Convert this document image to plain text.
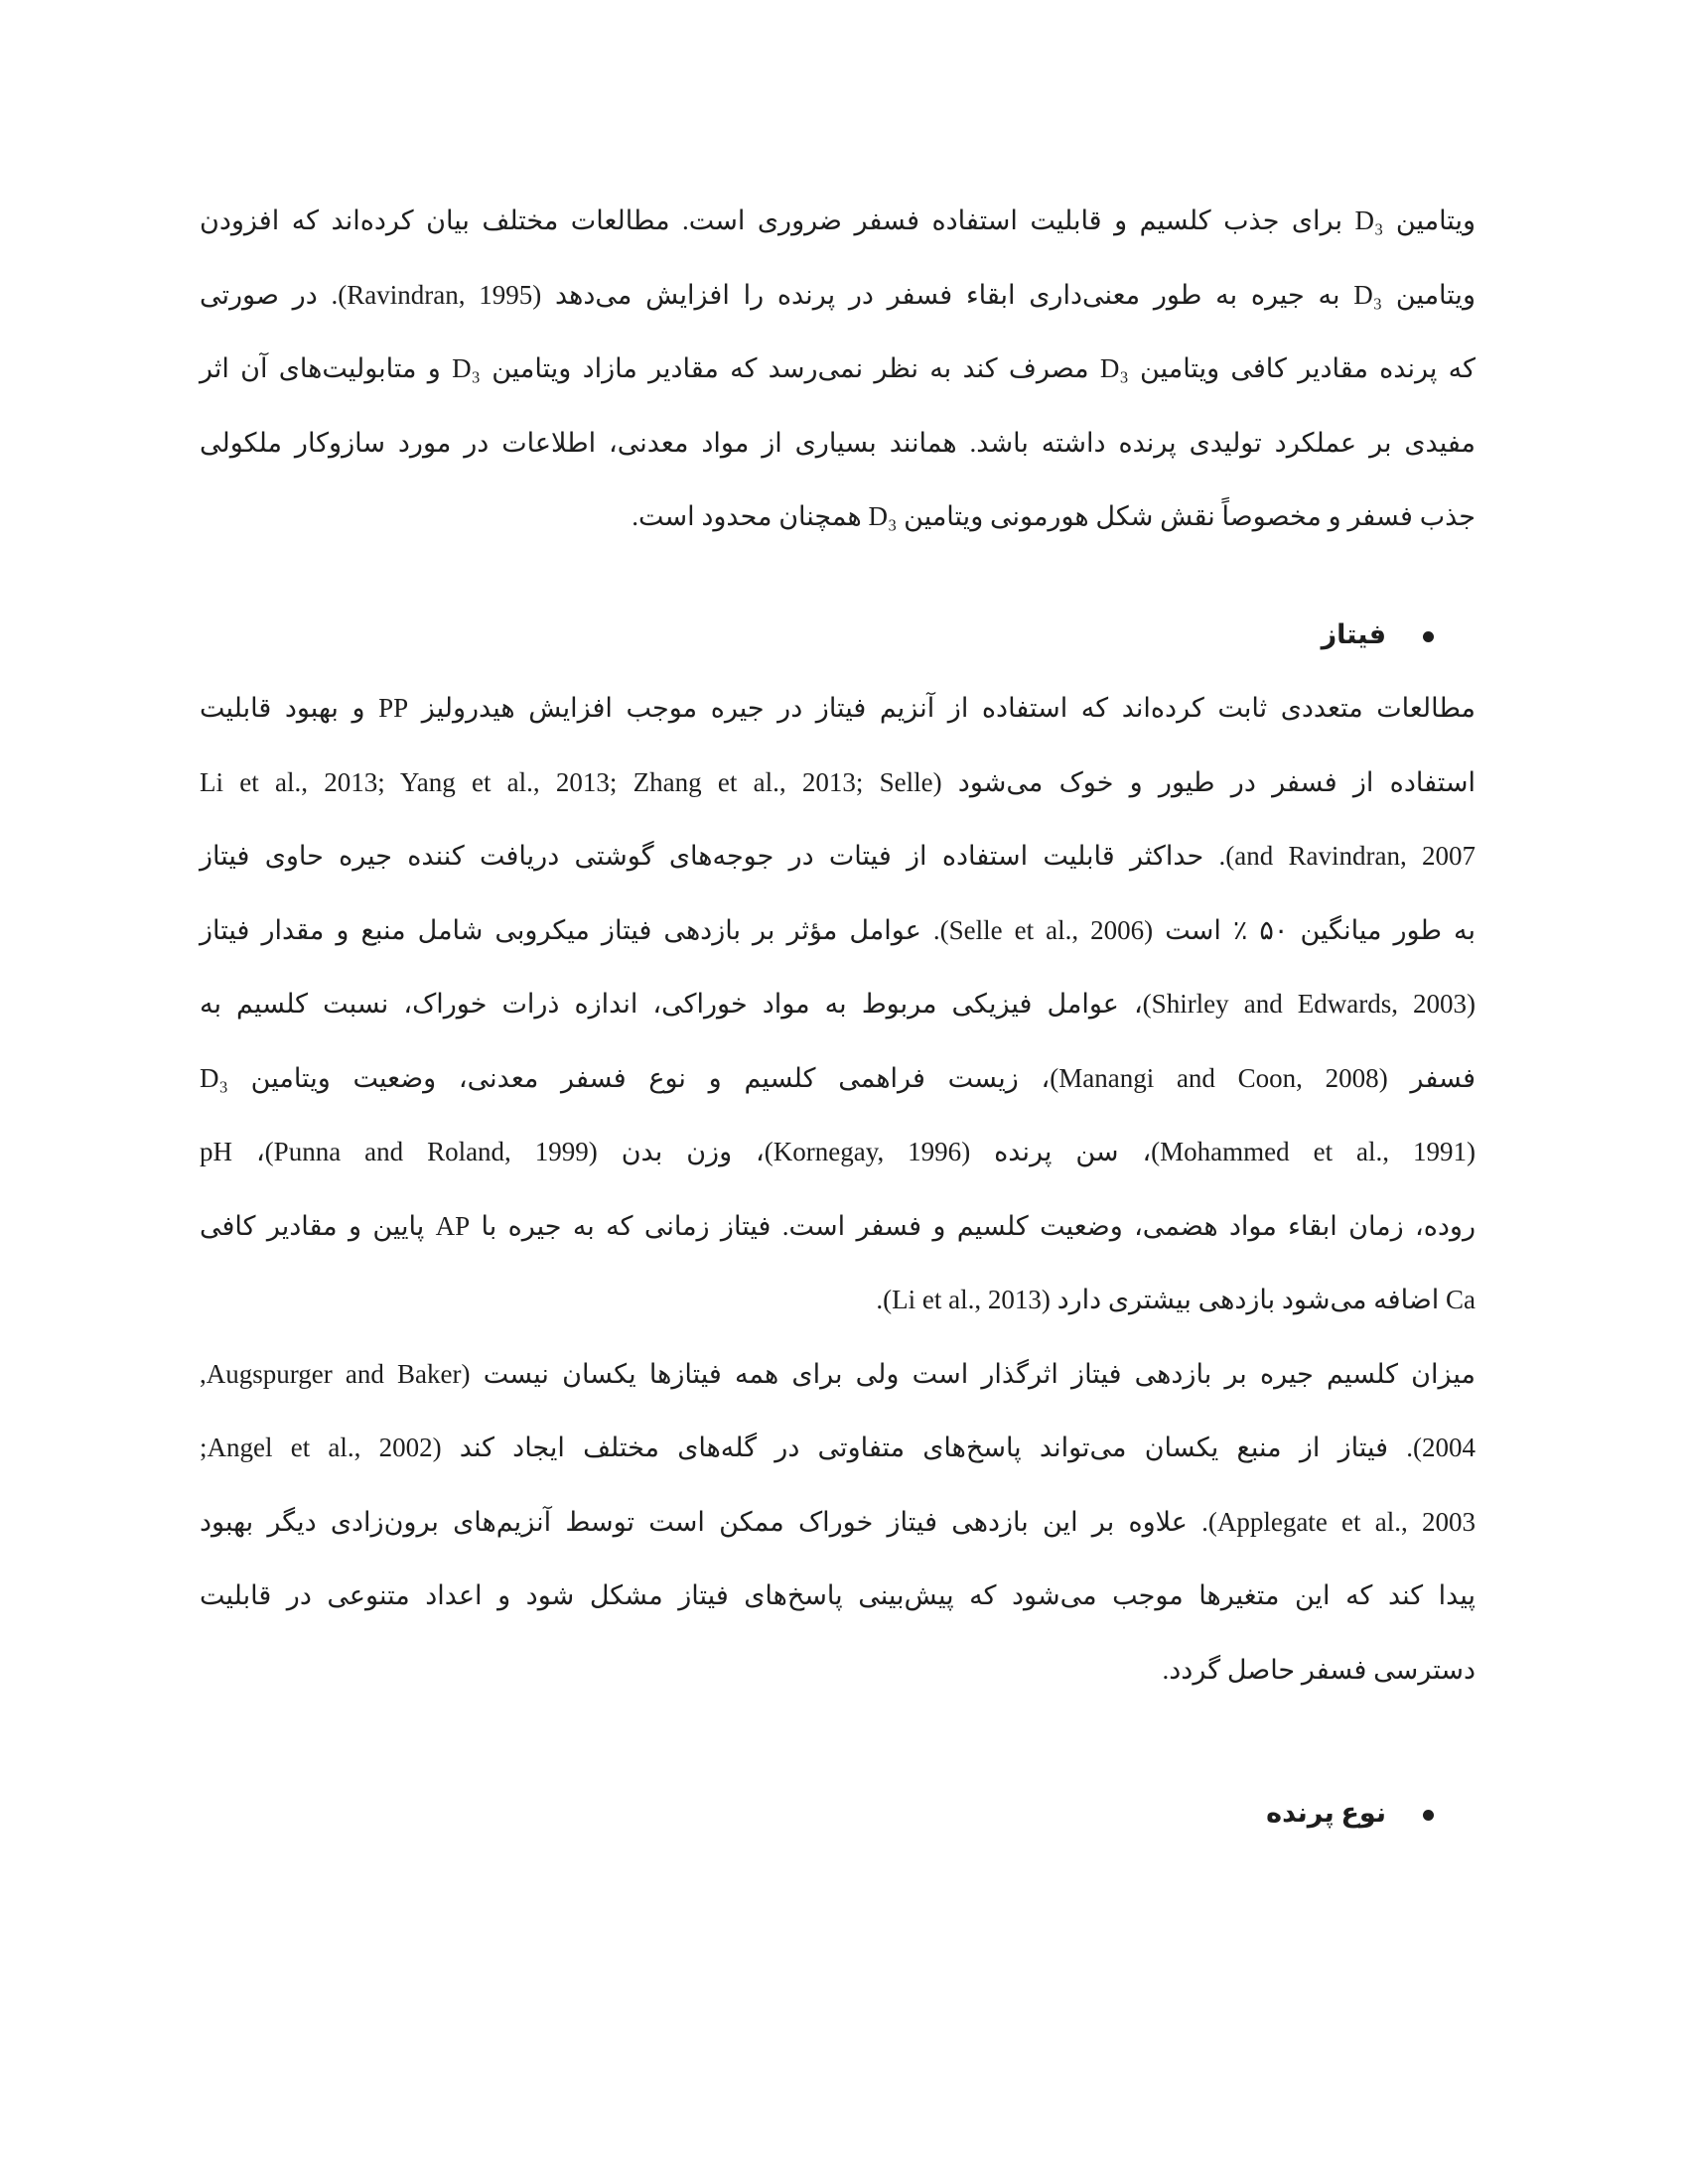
ویتامین D₃ برای جذب کلسیم و قابلیت استفاده فسفر ضروری است. مطالعات مختلف بیان کرده‌اند که افزودن
ویتامین D₃ به جیره به طور معنی‌داری ابقاء فسفر در پرنده را افزایش می‌دهد (Ravindran, 1995). در صورتی
که پرنده مقادیر کافی ویتامین D₃ مصرف کند به نظر نمی‌رسد که مقادیر مازاد ویتامین D₃ و متابولیت‌های آن اثر
مفیدی بر عملکرد تولیدی پرنده داشته باشد. همانند بسیاری از مواد معدنی، اطلاعات در مورد سازوکار ملکولی
جذب فسفر و مخصوصاً نقش شکل هورمونی ویتامین D₃ همچنان محدود است.
فیتاز
مطالعات متعددی ثابت کرده‌اند که استفاده از آنزیم فیتاز در جیره موجب افزایش هیدرولیز PP و بهبود قابلیت
استفاده از فسفر در طیور و خوک می‌شود (Li et al., 2013; Yang et al., 2013; Zhang et al., 2013; Selle
and Ravindran, 2007). حداکثر قابلیت استفاده از فیتات در جوجه‌های گوشتی دریافت کننده جیره حاوی فیتاز
به طور میانگین ۵۰ ٪ است (Selle et al., 2006). عوامل مؤثر بر بازدهی فیتاز میکروبی شامل منبع و مقدار فیتاز
(Shirley and Edwards, 2003)، عوامل فیزیکی مربوط به مواد خوراکی، اندازه ذرات خوراک، نسبت کلسیم به
فسفر (Manangi and Coon, 2008)، زیست فراهمی کلسیم و نوع فسفر معدنی، وضعیت ویتامین D₃
(Mohammed et al., 1991)، سن پرنده (Kornegay, 1996)، وزن بدن (Punna and Roland, 1999)، pH
روده، زمان ابقاء مواد هضمی، وضعیت کلسیم و فسفر است. فیتاز زمانی که به جیره با AP پایین و مقادیر کافی
Ca اضافه می‌شود بازدهی بیشتری دارد (Li et al., 2013).
میزان کلسیم جیره بر بازدهی فیتاز اثرگذار است ولی برای همه فیتازها یکسان نیست (Augspurger and Baker,
2004). فیتاز از منبع یکسان می‌تواند پاسخ‌های متفاوتی در گله‌های مختلف ایجاد کند (Angel et al., 2002;
Applegate et al., 2003). علاوه بر این بازدهی فیتاز خوراک ممکن است توسط آنزیم‌های برون‌زادی دیگر بهبود
پیدا کند که این متغیرها موجب می‌شود که پیش‌بینی پاسخ‌های فیتاز مشکل شود و اعداد متنوعی در قابلیت
دسترسی فسفر حاصل گردد.
نوع پرنده
